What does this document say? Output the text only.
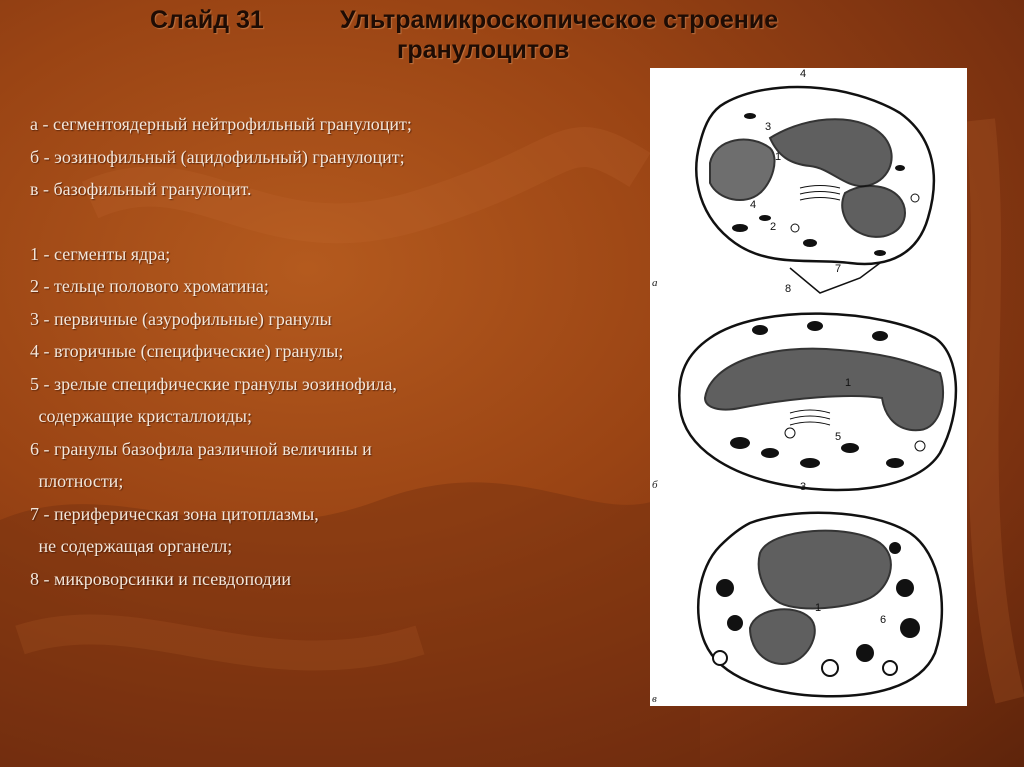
Слайд 31	Ультрамикроскопическое строение
гранулоцитов

а - сегментоядерный нейтрофильный гранулоцит;

б - эозинофильный (ацидофильный) гранулоцит;

в - базофильный гранулоцит.

1 - сегменты ядра;

2 - тельце полового хроматина;

3 - первичные (азурофильные) гранулы

4 - вторичные (специфические) гранулы;

5 - зрелые специфические гранулы эозинофила,

содержащие кристаллоиды;

6 - гранулы базофила различной величины и

плотности;

7 - периферическая зона цитоплазмы,

не содержащая органелл;

8 - микроворсинки и псевдоподии

4
3
1
4
2
7
8
а
1
5
3
б
1
6
в
